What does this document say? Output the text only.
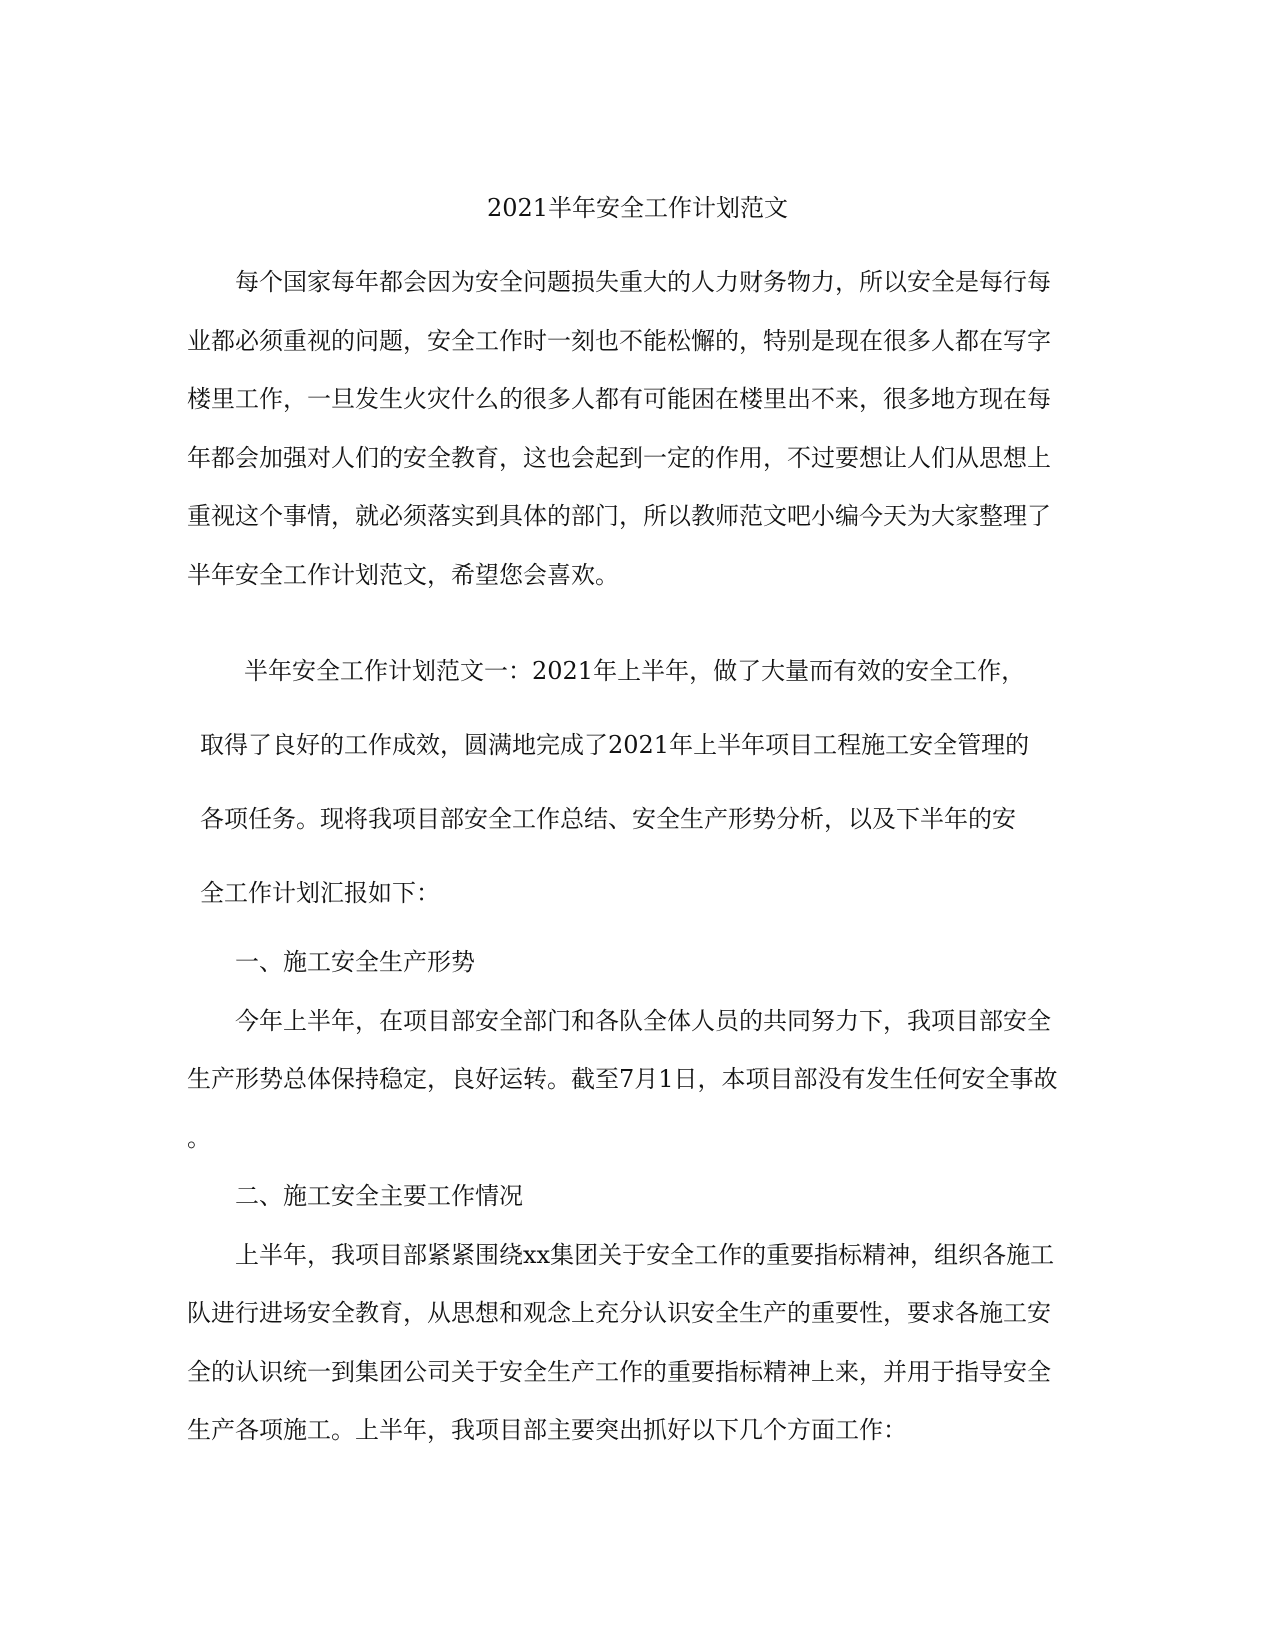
2021半年安全工作计划范文
每个国家每年都会因为安全问题损失重大的人力财务物力，所以安全是每行每
业都必须重视的问题，安全工作时一刻也不能松懈的，特别是现在很多人都在写字
楼里工作，一旦发生火灾什么的很多人都有可能困在楼里出不来，很多地方现在每
年都会加强对人们的安全教育，这也会起到一定的作用，不过要想让人们从思想上
重视这个事情，就必须落实到具体的部门，所以教师范文吧小编今天为大家整理了
半年安全工作计划范文，希望您会喜欢。
半年安全工作计划范文一：2021年上半年，做了大量而有效的安全工作，
取得了良好的工作成效，圆满地完成了2021年上半年项目工程施工安全管理的
各项任务。现将我项目部安全工作总结、安全生产形势分析，以及下半年的安
全工作计划汇报如下：
一、施工安全生产形势
今年上半年，在项目部安全部门和各队全体人员的共同努力下，我项目部安全
生产形势总体保持稳定，良好运转。截至7月1日，本项目部没有发生任何安全事故
。
二、施工安全主要工作情况
上半年，我项目部紧紧围绕xx集团关于安全工作的重要指标精神，组织各施工
队进行进场安全教育，从思想和观念上充分认识安全生产的重要性，要求各施工安
全的认识统一到集团公司关于安全生产工作的重要指标精神上来，并用于指导安全
生产各项施工。上半年，我项目部主要突出抓好以下几个方面工作：
